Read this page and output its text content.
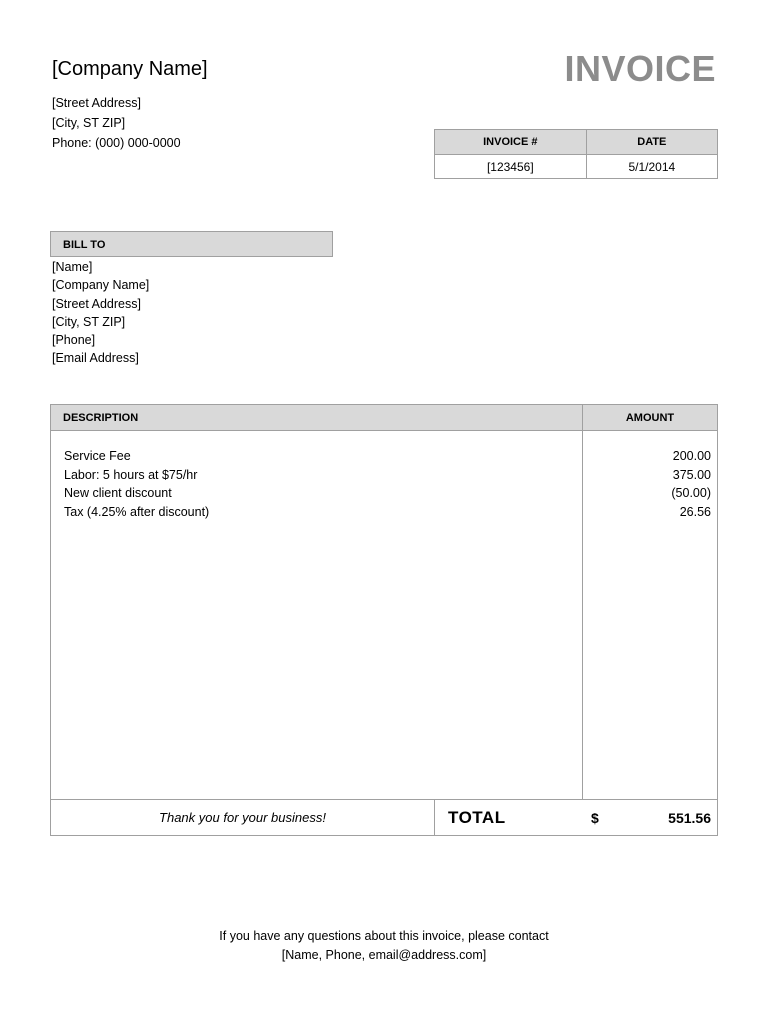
[Company Name]
[Street Address]
[City, ST ZIP]
Phone: (000) 000-0000
INVOICE
INVOICE #	DATE
[123456]	5/1/2014
BILL TO
[Name]
[Company Name]
[Street Address]
[City, ST ZIP]
[Phone]
[Email Address]
DESCRIPTION	AMOUNT
Service Fee	200.00
Labor: 5 hours at $75/hr	375.00
New client discount	(50.00)
Tax (4.25% after discount)	26.56
Thank you for your business!	TOTAL	$	551.56
If you have any questions about this invoice, please contact
[Name, Phone, email@address.com]
